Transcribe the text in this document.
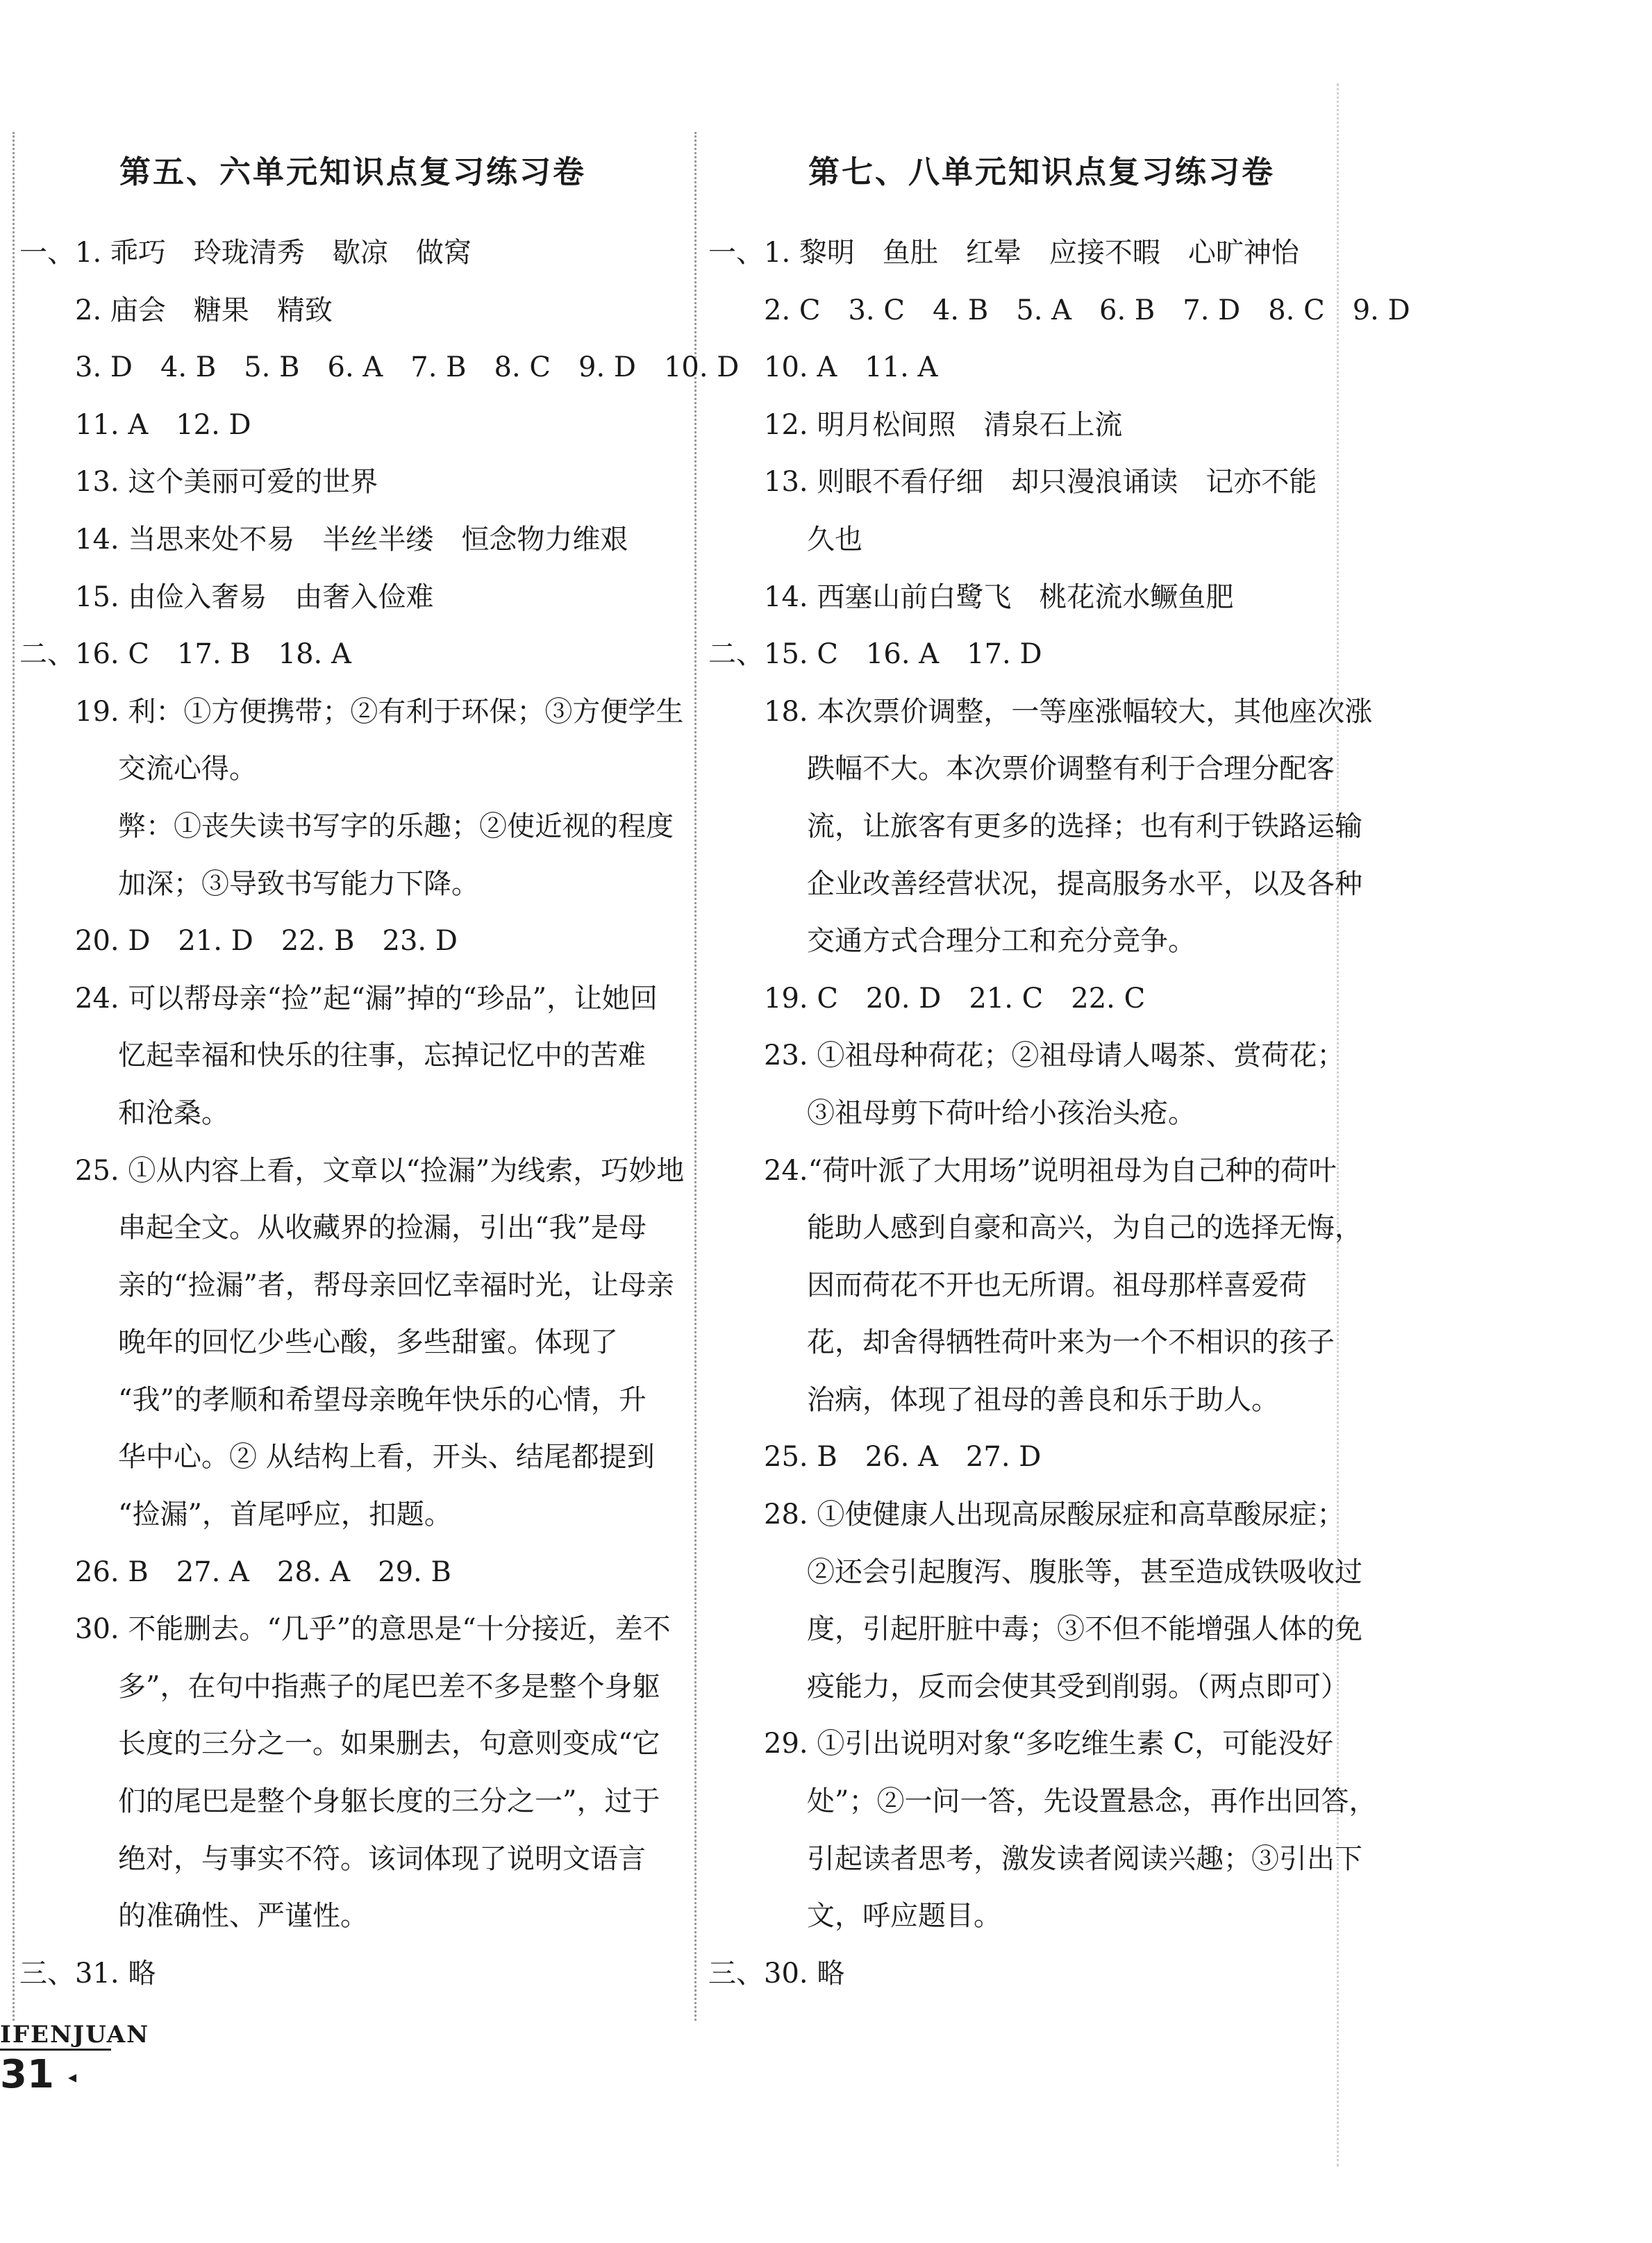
第五、六单元知识点复习练习卷
一、1. 乖巧　玲珑清秀　歇凉　做窝
2. 庙会　糖果　精致
3. D　4. B　5. B　6. A　7. B　8. C　9. D　10. D
11. A　12. D
13. 这个美丽可爱的世界
14. 当思来处不易　半丝半缕　恒念物力维艰
15. 由俭入奢易　由奢入俭难
二、16. C　17. B　18. A
19. 利：①方便携带；②有利于环保；③方便学生
交流心得。
弊：①丧失读书写字的乐趣；②使近视的程度
加深；③导致书写能力下降。
20. D　21. D　22. B　23. D
24. 可以帮母亲“捡”起“漏”掉的“珍品”，让她回
忆起幸福和快乐的往事，忘掉记忆中的苦难
和沧桑。
25. ①从内容上看，文章以“捡漏”为线索，巧妙地
串起全文。从收藏界的捡漏，引出“我”是母
亲的“捡漏”者，帮母亲回忆幸福时光，让母亲
晚年的回忆少些心酸，多些甜蜜。体现了
“我”的孝顺和希望母亲晚年快乐的心情，升
华中心。② 从结构上看，开头、结尾都提到
“捡漏”，首尾呼应，扣题。
26. B　27. A　28. A　29. B
30. 不能删去。“几乎”的意思是“十分接近，差不
多”，在句中指燕子的尾巴差不多是整个身躯
长度的三分之一。如果删去，句意则变成“它
们的尾巴是整个身躯长度的三分之一”，过于
绝对，与事实不符。该词体现了说明文语言
的准确性、严谨性。
三、31. 略
第七、八单元知识点复习练习卷
一、1. 黎明　鱼肚　红晕　应接不暇　心旷神怡
2. C　3. C　4. B　5. A　6. B　7. D　8. C　9. D
10. A　11. A
12. 明月松间照　清泉石上流
13. 则眼不看仔细　却只漫浪诵读　记亦不能
久也
14. 西塞山前白鹭飞　桃花流水鳜鱼肥
二、15. C　16. A　17. D
18. 本次票价调整，一等座涨幅较大，其他座次涨
跌幅不大。本次票价调整有利于合理分配客
流，让旅客有更多的选择；也有利于铁路运输
企业改善经营状况，提高服务水平，以及各种
交通方式合理分工和充分竞争。
19. C　20. D　21. C　22. C
23. ①祖母种荷花；②祖母请人喝茶、赏荷花；
③祖母剪下荷叶给小孩治头疮。
24.“荷叶派了大用场”说明祖母为自己种的荷叶
能助人感到自豪和高兴，为自己的选择无悔，
因而荷花不开也无所谓。祖母那样喜爱荷
花，却舍得牺牲荷叶来为一个不相识的孩子
治病，体现了祖母的善良和乐于助人。
25. B　26. A　27. D
28. ①使健康人出现高尿酸尿症和高草酸尿症；
②还会引起腹泻、腹胀等，甚至造成铁吸收过
度，引起肝脏中毒；③不但不能增强人体的免
疫能力，反而会使其受到削弱。（两点即可）
29. ①引出说明对象“多吃维生素 C，可能没好
处”；②一问一答，先设置悬念，再作出回答，
引起读者思考，激发读者阅读兴趣；③引出下
文，呼应题目。
三、30. 略
IFENJUAN
31 ◂
